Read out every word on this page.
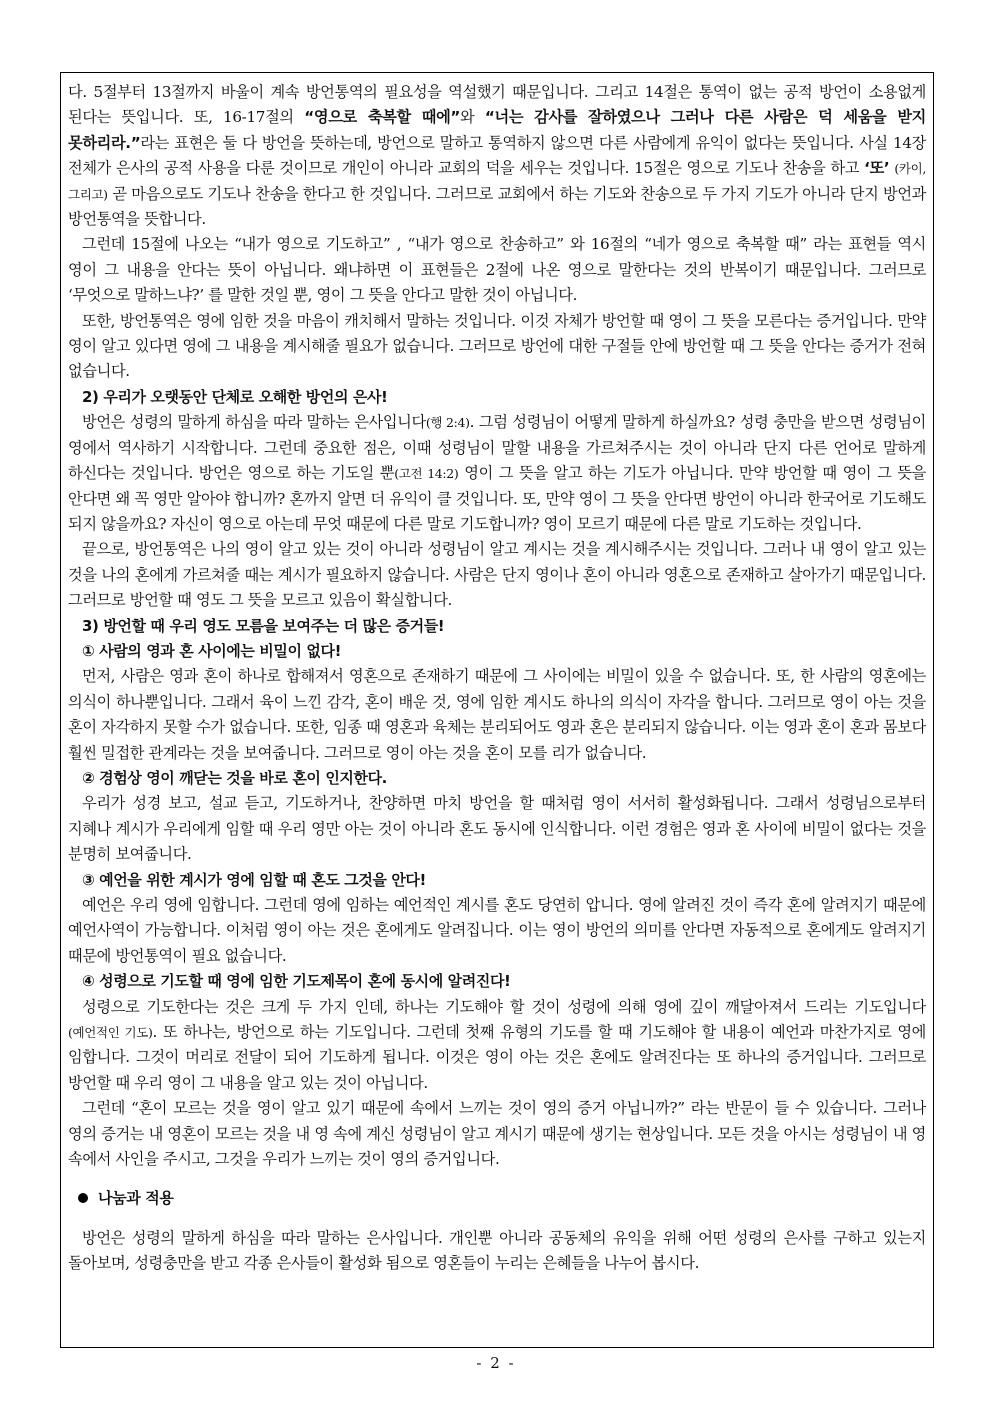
다. 5절부터 13절까지 바울이 계속 방언통역의 필요성을 역설했기 때문입니다. 그리고 14절은 통역이 없는 공적 방언이 소용없게 된다는 뜻입니다. 또, 16-17절의 “영으로 축복할 때에”와 “너는 감사를 잘하였으나 그러나 다른 사람은 덕 세움을 받지 못하리라.”라는 표현은 둘 다 방언을 뜻하는데, 방언으로 말하고 통역하지 않으면 다른 사람에게 유익이 없다는 뜻입니다. 사실 14장 전체가 은사의 공적 사용을 다룬 것이므로 개인이 아니라 교회의 덕을 세우는 것입니다. 15절은 영으로 기도나 찬송을 하고 ‘또’ (카이, 그리고) 곧 마음으로도 기도나 찬송을 한다고 한 것입니다. 그러므로 교회에서 하는 기도와 찬송으로 두 가지 기도가 아니라 단지 방언과 방언통역을 뜻합니다.

그런데 15절에 나오는 “내가 영으로 기도하고” , “내가 영으로 찬송하고” 와 16절의 “네가 영으로 축복할 때” 라는 표현들 역시 영이 그 내용을 안다는 뜻이 아닙니다. 왜냐하면 이 표현들은 2절에 나온 영으로 말한다는 것의 반복이기 때문입니다. 그러므로 ‘무엇으로 말하느냐?’ 를 말한 것일 뿐, 영이 그 뜻을 안다고 말한 것이 아닙니다.

또한, 방언통역은 영에 임한 것을 마음이 캐치해서 말하는 것입니다. 이것 자체가 방언할 때 영이 그 뜻을 모른다는 증거입니다. 만약 영이 알고 있다면 영에 그 내용을 계시해줄 필요가 없습니다. 그러므로 방언에 대한 구절들 안에 방언할 때 그 뜻을 안다는 증거가 전혀 없습니다.

2) 우리가 오랫동안 단체로 오해한 방언의 은사!

방언은 성령의 말하게 하심을 따라 말하는 은사입니다(행 2:4). 그럼 성령님이 어떻게 말하게 하실까요? 성령 충만을 받으면 성령님이 영에서 역사하기 시작합니다. 그런데 중요한 점은, 이때 성령님이 말할 내용을 가르쳐주시는 것이 아니라 단지 다른 언어로 말하게 하신다는 것입니다. 방언은 영으로 하는 기도일 뿐(고전 14:2) 영이 그 뜻을 알고 하는 기도가 아닙니다. 만약 방언할 때 영이 그 뜻을 안다면 왜 꼭 영만 알아야 합니까? 혼까지 알면 더 유익이 클 것입니다. 또, 만약 영이 그 뜻을 안다면 방언이 아니라 한국어로 기도해도 되지 않을까요? 자신이 영으로 아는데 무엇 때문에 다른 말로 기도합니까? 영이 모르기 때문에 다른 말로 기도하는 것입니다.

끝으로, 방언통역은 나의 영이 알고 있는 것이 아니라 성령님이 알고 계시는 것을 계시해주시는 것입니다. 그러나 내 영이 알고 있는 것을 나의 혼에게 가르쳐줄 때는 계시가 필요하지 않습니다. 사람은 단지 영이나 혼이 아니라 영혼으로 존재하고 살아가기 때문입니다. 그러므로 방언할 때 영도 그 뜻을 모르고 있음이 확실합니다.

3) 방언할 때 우리 영도 모름을 보여주는 더 많은 증거들!

① 사람의 영과 혼 사이에는 비밀이 없다!

먼저, 사람은 영과 혼이 하나로 합해져서 영혼으로 존재하기 때문에 그 사이에는 비밀이 있을 수 없습니다. 또, 한 사람의 영혼에는 의식이 하나뿐입니다. 그래서 육이 느낀 감각, 혼이 배운 것, 영에 임한 계시도 하나의 의식이 자각을 합니다. 그러므로 영이 아는 것을 혼이 자각하지 못할 수가 없습니다. 또한, 임종 때 영혼과 육체는 분리되어도 영과 혼은 분리되지 않습니다. 이는 영과 혼이 혼과 몸보다 훨씬 밀접한 관계라는 것을 보여줍니다. 그러므로 영이 아는 것을 혼이 모를 리가 없습니다.

② 경험상 영이 깨닫는 것을 바로 혼이 인지한다.

우리가 성경 보고, 설교 듣고, 기도하거나, 찬양하면 마치 방언을 할 때처럼 영이 서서히 활성화됩니다. 그래서 성령님으로부터 지혜나 계시가 우리에게 임할 때 우리 영만 아는 것이 아니라 혼도 동시에 인식합니다. 이런 경험은 영과 혼 사이에 비밀이 없다는 것을 분명히 보여줍니다.

③ 예언을 위한 계시가 영에 임할 때 혼도 그것을 안다!

예언은 우리 영에 임합니다. 그런데 영에 임하는 예언적인 계시를 혼도 당연히 압니다. 영에 알려진 것이 즉각 혼에 알려지기 때문에 예언사역이 가능합니다. 이처럼 영이 아는 것은 혼에게도 알려집니다. 이는 영이 방언의 의미를 안다면 자동적으로 혼에게도 알려지기 때문에 방언통역이 필요 없습니다.

④ 성령으로 기도할 때 영에 임한 기도제목이 혼에 동시에 알려진다!

성령으로 기도한다는 것은 크게 두 가지 인데, 하나는 기도해야 할 것이 성령에 의해 영에 깊이 깨달아져서 드리는 기도입니다(예언적인 기도). 또 하나는, 방언으로 하는 기도입니다. 그런데 첫째 유형의 기도를 할 때 기도해야 할 내용이 예언과 마찬가지로 영에 임합니다. 그것이 머리로 전달이 되어 기도하게 됩니다. 이것은 영이 아는 것은 혼에도 알려진다는 또 하나의 증거입니다. 그러므로 방언할 때 우리 영이 그 내용을 알고 있는 것이 아닙니다.

그런데 “혼이 모르는 것을 영이 알고 있기 때문에 속에서 느끼는 것이 영의 증거 아닙니까?” 라는 반문이 들 수 있습니다. 그러나 영의 증거는 내 영혼이 모르는 것을 내 영 속에 계신 성령님이 알고 계시기 때문에 생기는 현상입니다. 모든 것을 아시는 성령님이 내 영 속에서 사인을 주시고, 그것을 우리가 느끼는 것이 영의 증거입니다.

나눔과 적용

방언은 성령의 말하게 하심을 따라 말하는 은사입니다. 개인뿐 아니라 공동체의 유익을 위해 어떤 성령의 은사를 구하고 있는지 돌아보며, 성령충만을 받고 각종 은사들이 활성화 됨으로 영혼들이 누리는 은혜들을 나누어 봅시다.

- 2 -
